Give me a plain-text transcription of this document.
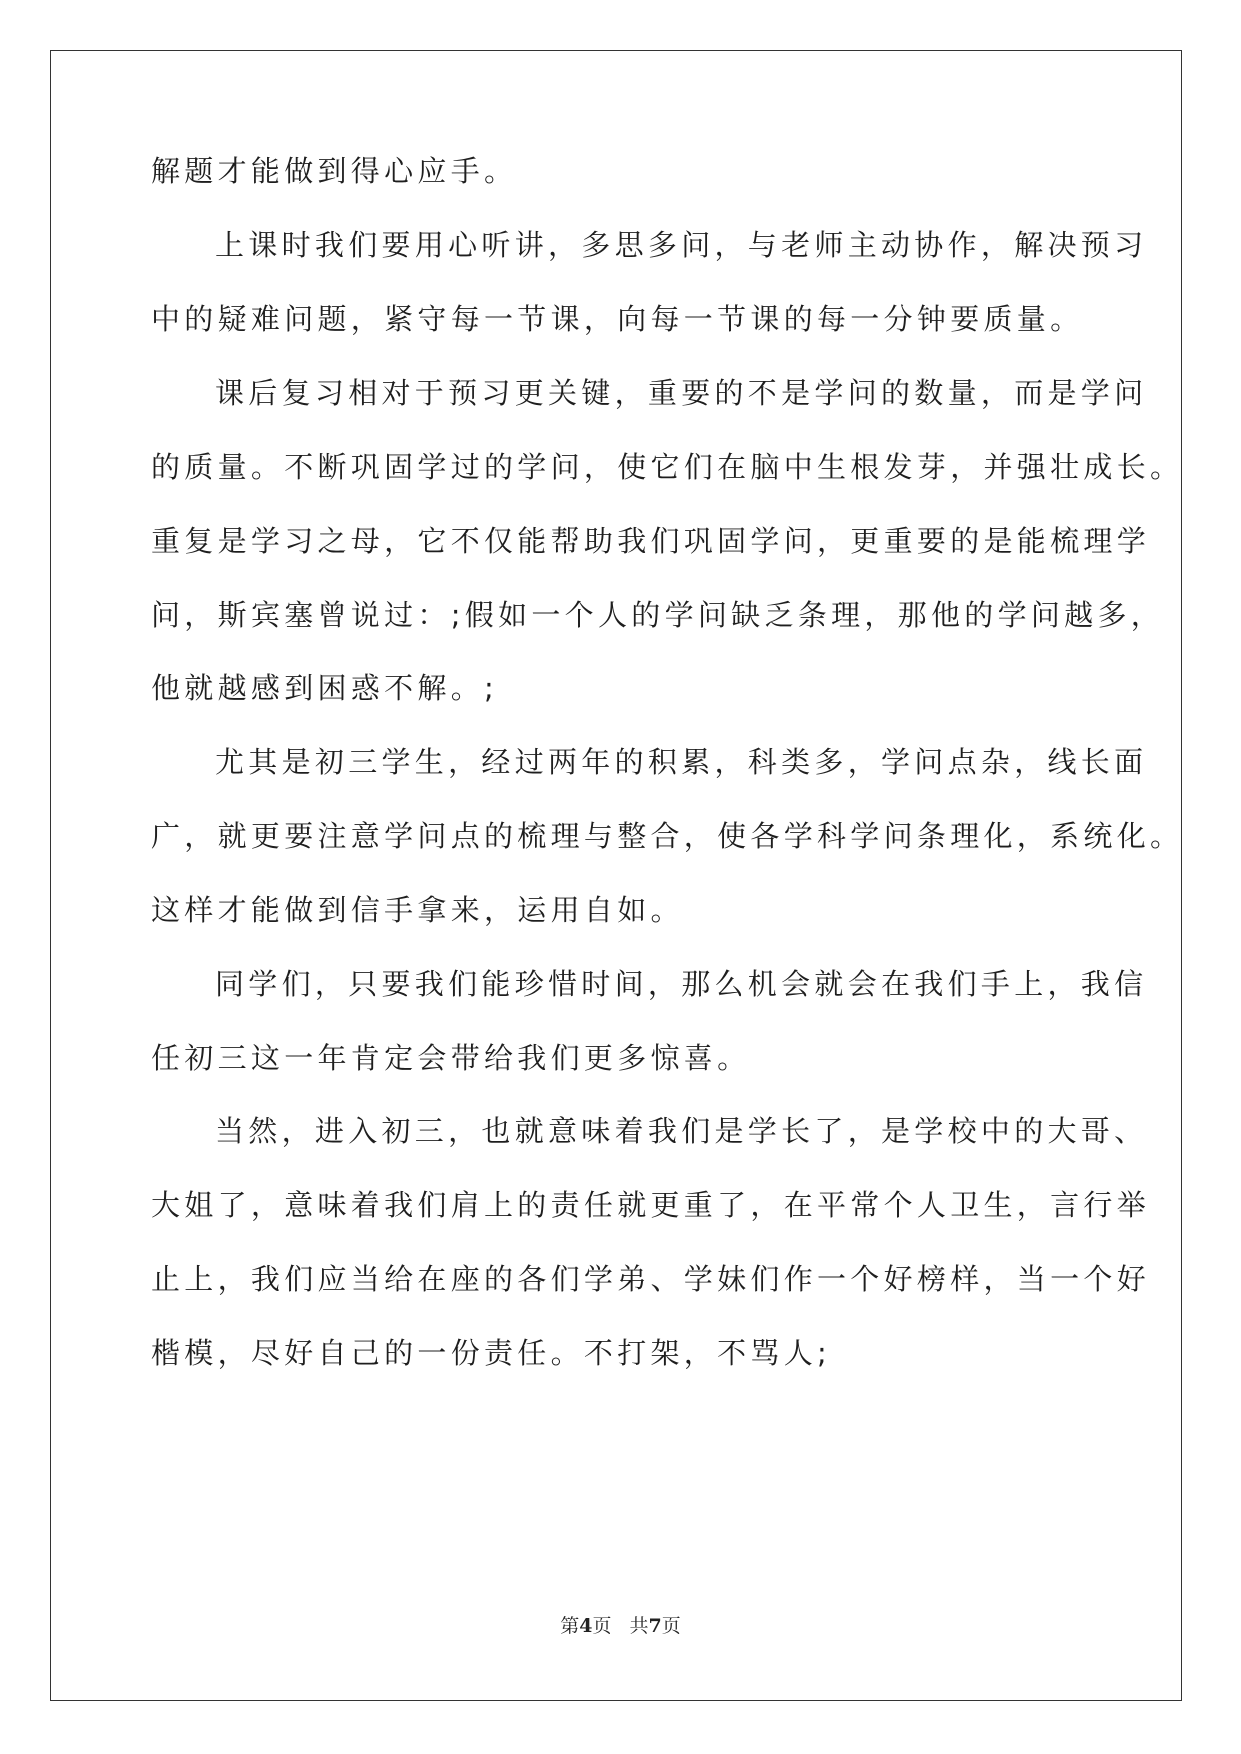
解题才能做到得心应手。
上课时我们要用心听讲，多思多问，与老师主动协作，解决预习
中的疑难问题，紧守每一节课，向每一节课的每一分钟要质量。
课后复习相对于预习更关键，重要的不是学问的数量，而是学问
的质量。不断巩固学过的学问，使它们在脑中生根发芽，并强壮成长。
重复是学习之母，它不仅能帮助我们巩固学问，更重要的是能梳理学
问，斯宾塞曾说过：;假如一个人的学问缺乏条理，那他的学问越多，
他就越感到困惑不解。;
尤其是初三学生，经过两年的积累，科类多，学问点杂，线长面
广，就更要注意学问点的梳理与整合，使各学科学问条理化，系统化。
这样才能做到信手拿来，运用自如。
同学们，只要我们能珍惜时间，那么机会就会在我们手上，我信
任初三这一年肯定会带给我们更多惊喜。
当然，进入初三，也就意味着我们是学长了，是学校中的大哥、
大姐了，意味着我们肩上的责任就更重了，在平常个人卫生，言行举
止上，我们应当给在座的各们学弟、学妹们作一个好榜样，当一个好
楷模，尽好自己的一份责任。不打架，不骂人;
第4页 共7页
